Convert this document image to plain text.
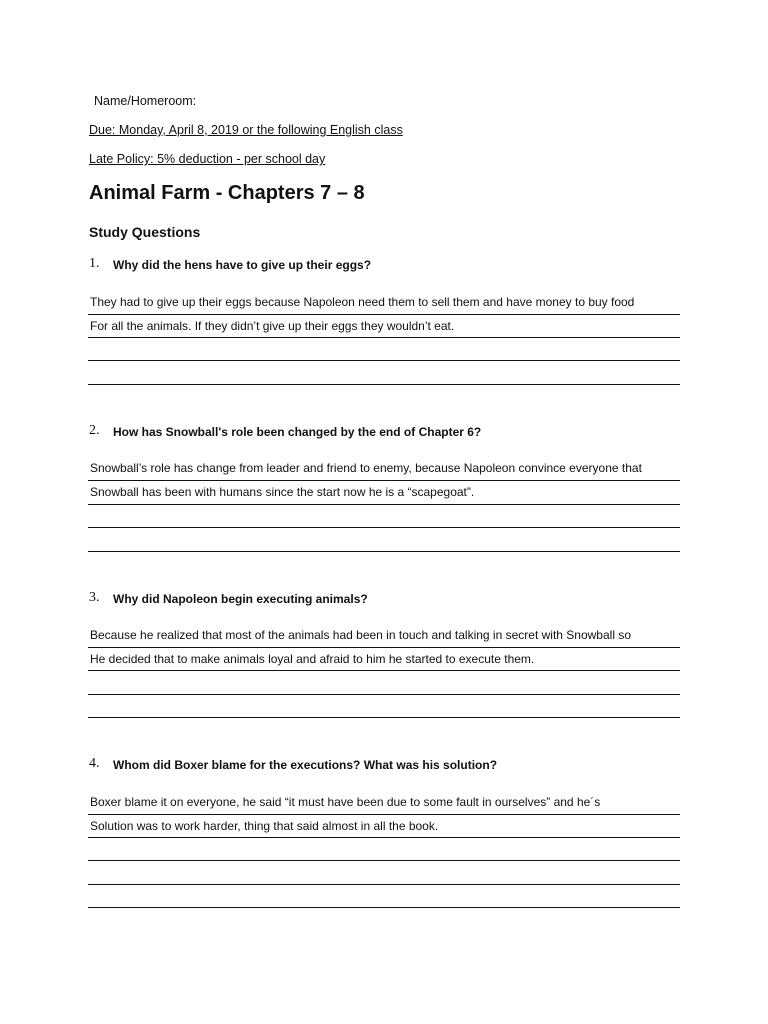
Name/Homeroom:
Due: Monday, April 8, 2019 or the following English class
Late Policy: 5% deduction - per school day
Animal Farm - Chapters 7 – 8
Study Questions
1. Why did the hens have to give up their eggs?
They had to give up their eggs because Napoleon need them to sell them and have money to buy food
For all the animals. If they didn’t give up their eggs they wouldn’t eat.
2. How has Snowball's role been changed by the end of Chapter 6?
Snowball’s role has change from leader and friend to enemy, because Napoleon convince everyone that
Snowball has been with humans since the start now he is a “scapegoat”.
3. Why did Napoleon begin executing animals?
Because he realized that most of the animals had been in touch and talking in secret with Snowball so
He decided that to make animals loyal and afraid to him he started to execute them.
4. Whom did Boxer blame for the executions? What was his solution?
Boxer blame it on everyone, he said “it must have been due to some fault in ourselves” and he´s
Solution was to work harder, thing that said almost in all the book.
